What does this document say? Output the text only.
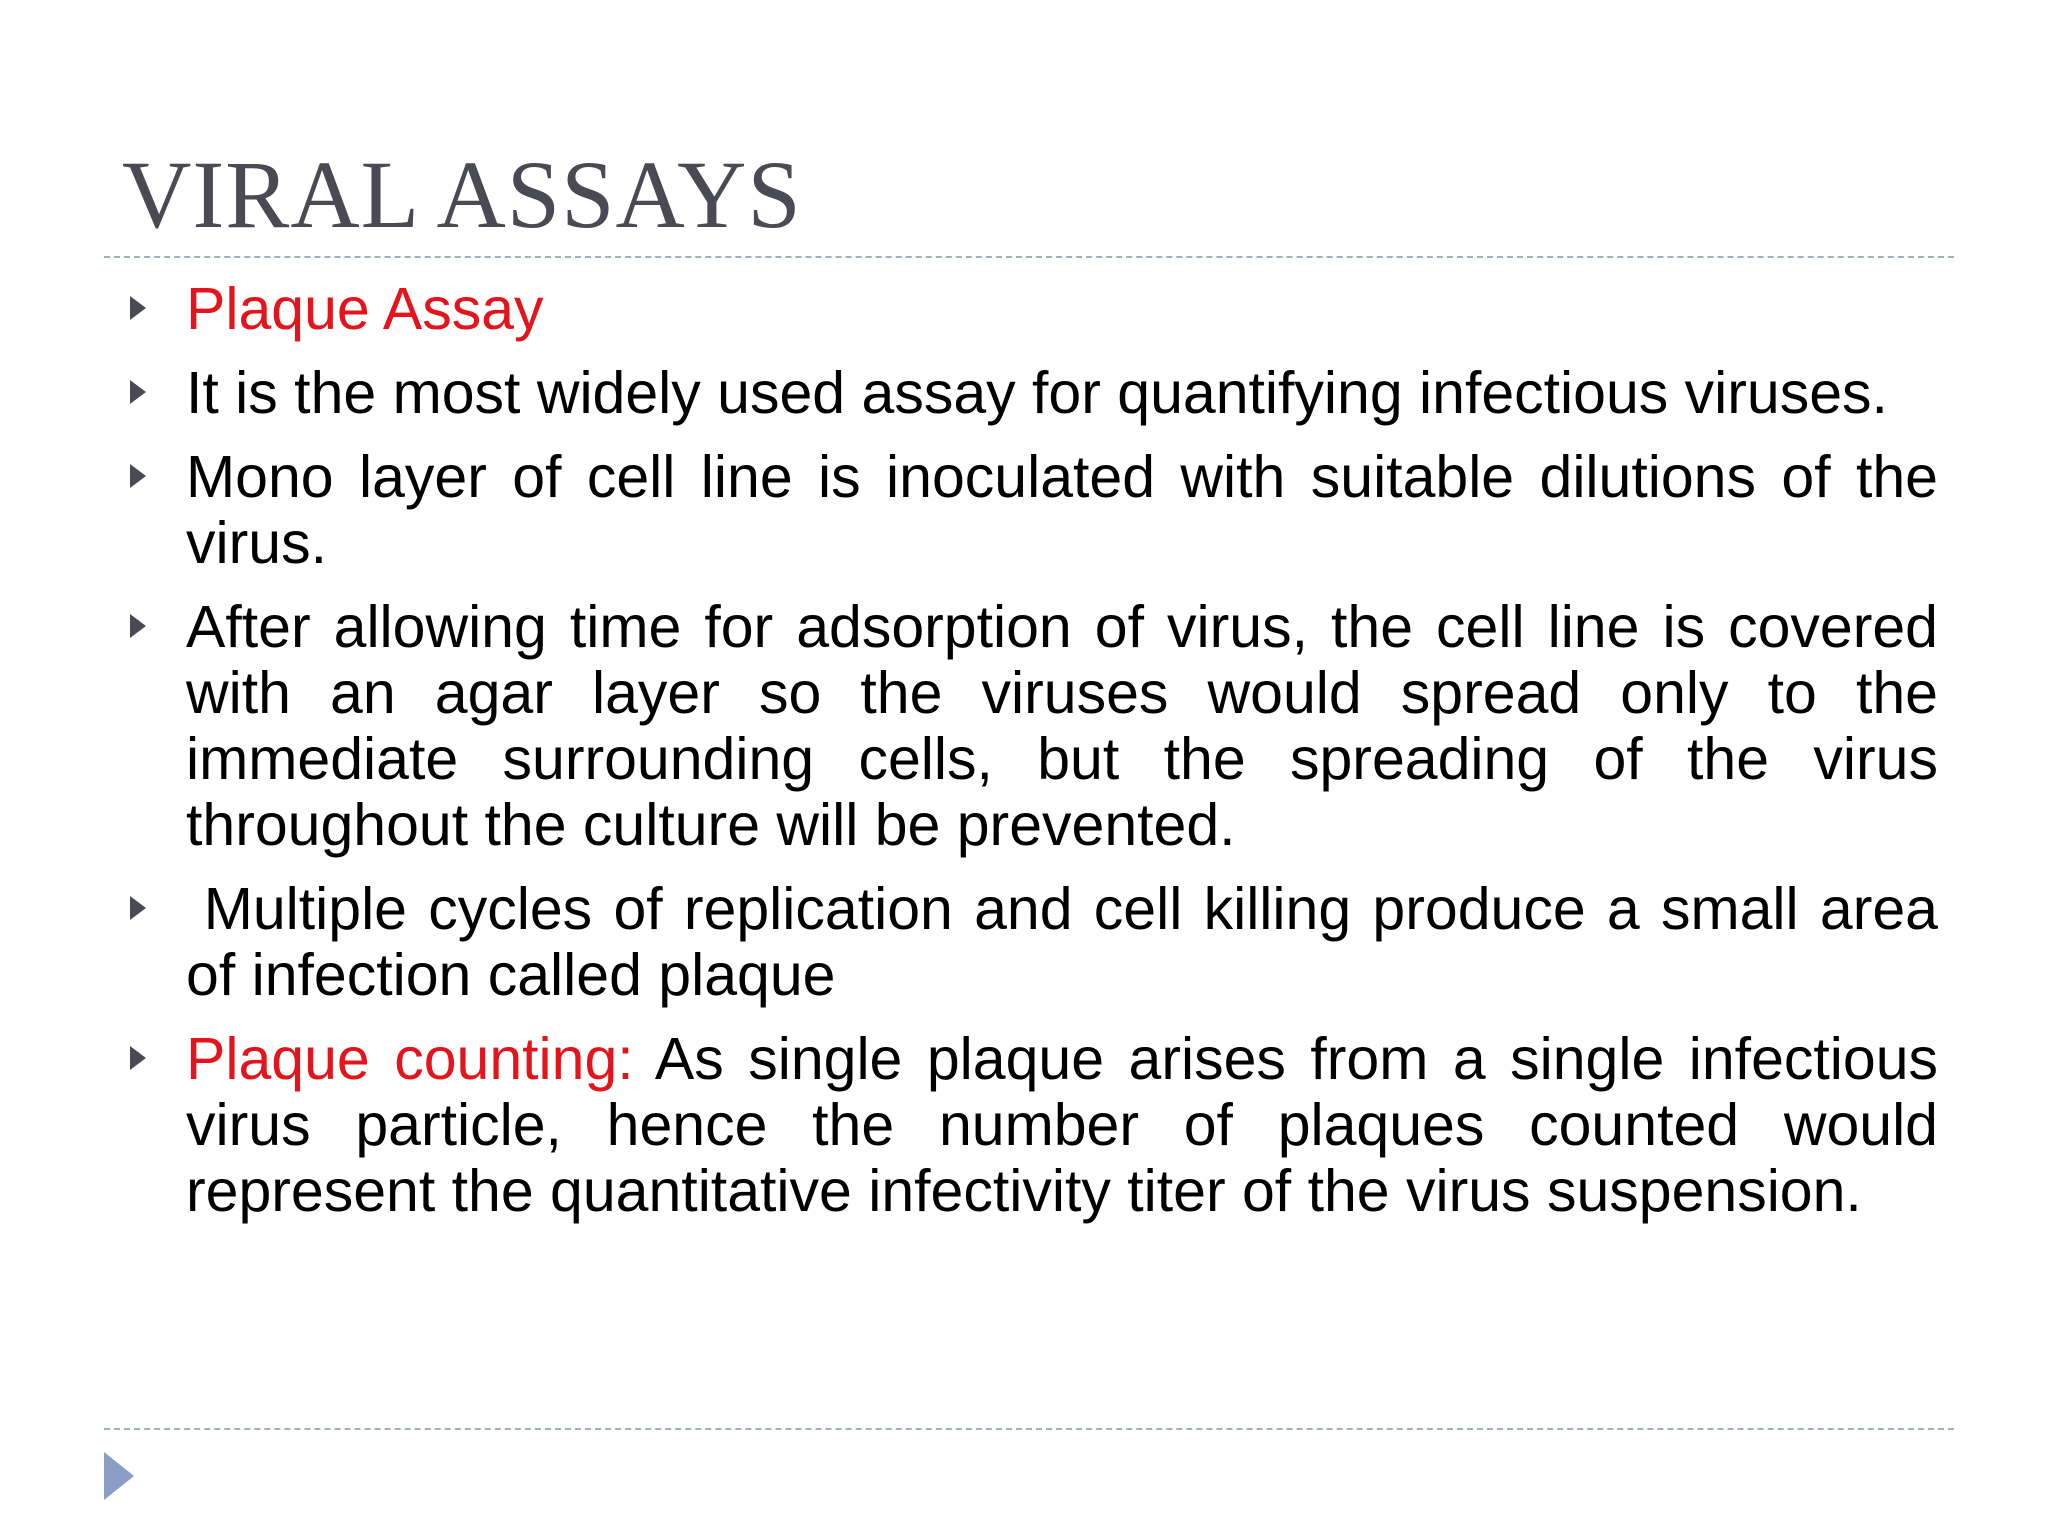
VIRAL ASSAYS
Plaque Assay
It is the most widely used assay for quantifying infectious viruses.
Mono layer of cell line is inoculated with suitable dilutions of the virus.
After allowing time for adsorption of virus, the cell line is covered with an agar layer so the viruses would spread only to the immediate surrounding cells, but the spreading of the virus throughout the culture will be prevented.
Multiple cycles of replication and cell killing produce a small area of infection called plaque
Plaque counting: As single plaque arises from a single infectious virus particle, hence the number of plaques counted would represent the quantitative infectivity titer of the virus suspension.
